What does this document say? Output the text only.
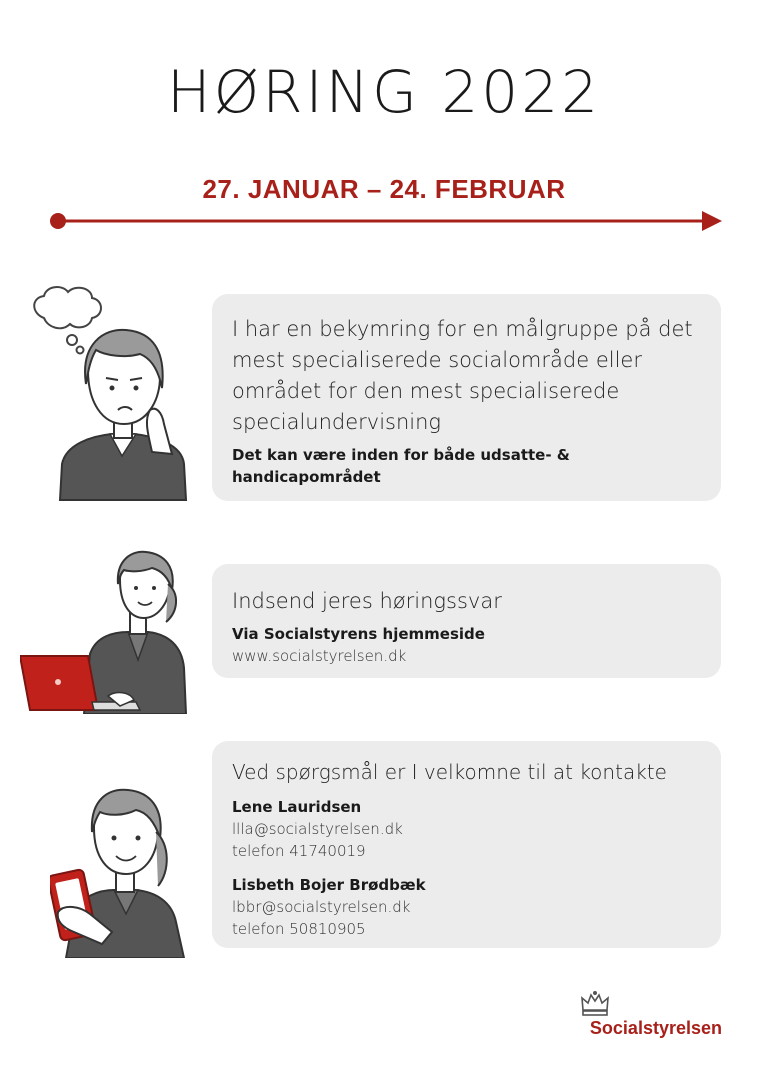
HØRING 2022
27. JANUAR – 24. FEBRUAR
I har en bekymring for en målgruppe på det mest specialiserede socialområde eller området for den mest specialiserede specialundervisning
Det kan være inden for både udsatte- & handicapområdet
Indsend jeres høringssvar
Via Socialstyrens hjemmeside
www.socialstyrelsen.dk
Ved spørgsmål er I velkomne til at kontakte
Lene Lauridsen
llla@socialstyrelsen.dk
telefon 41740019
Lisbeth Bojer Brødbæk
lbbr@socialstyrelsen.dk
telefon 50810905
Socialstyrelsen
